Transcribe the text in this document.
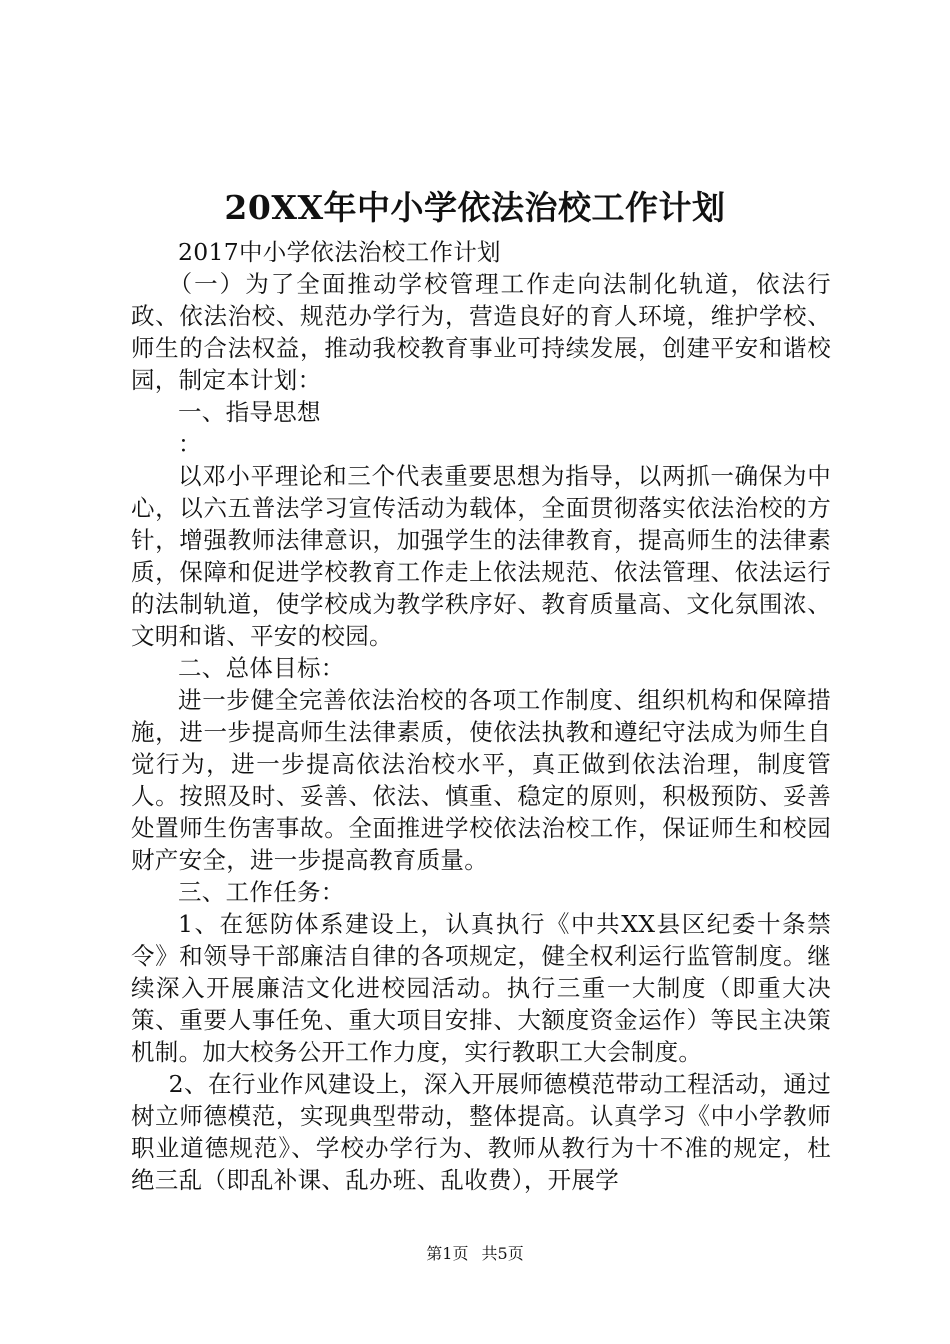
20XX年中小学依法治校工作计划

2017中小学依法治校工作计划

（一）为了全面推动学校管理工作走向法制化轨道，依法行政、依法治校、规范办学行为，营造良好的育人环境，维护学校、师生的合法权益，推动我校教育事业可持续发展，创建平安和谐校园，制定本计划：

一、指导思想

：

以邓小平理论和三个代表重要思想为指导，以两抓一确保为中心，以六五普法学习宣传活动为载体，全面贯彻落实依法治校的方针，增强教师法律意识，加强学生的法律教育，提高师生的法律素质，保障和促进学校教育工作走上依法规范、依法管理、依法运行的法制轨道，使学校成为教学秩序好、教育质量高、文化氛围浓、文明和谐、平安的校园。

二、总体目标：

进一步健全完善依法治校的各项工作制度、组织机构和保障措施，进一步提高师生法律素质，使依法执教和遵纪守法成为师生自觉行为，进一步提高依法治校水平，真正做到依法治理，制度管人。按照及时、妥善、依法、慎重、稳定的原则，积极预防、妥善处置师生伤害事故。全面推进学校依法治校工作，保证师生和校园财产安全，进一步提高教育质量。

三、工作任务：

1、在惩防体系建设上，认真执行《中共XX县区纪委十条禁令》和领导干部廉洁自律的各项规定，健全权利运行监管制度。继续深入开展廉洁文化进校园活动。执行三重一大制度（即重大决策、重要人事任免、重大项目安排、大额度资金运作）等民主决策机制。加大校务公开工作力度，实行教职工大会制度。

2、在行业作风建设上，深入开展师德模范带动工程活动，通过树立师德模范，实现典型带动，整体提高。认真学习《中小学教师职业道德规范》、学校办学行为、教师从教行为十不准的规定，杜绝三乱（即乱补课、乱办班、乱收费），开展学

第1页 共5页
